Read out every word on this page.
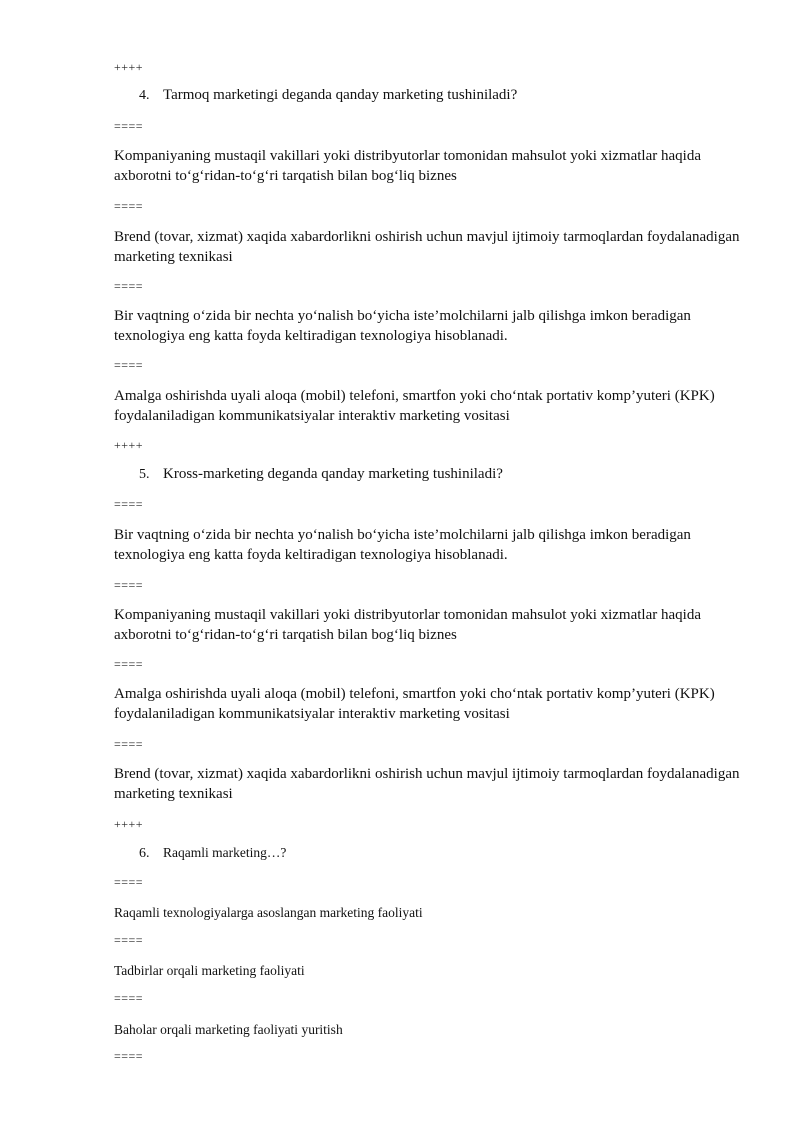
++++
4. Tarmoq marketingi deganda qanday marketing tushiniladi?
====
Kompaniyaning mustaqil vakillari yoki distribyutorlar tomonidan mahsulot yoki xizmatlar haqida axborotni to‘g‘ridan-to‘g‘ri tarqatish bilan bog‘liq biznes
====
Brend (tovar, xizmat) xaqida xabardorlikni oshirish uchun mavjul ijtimoiy tarmoqlardan foydalanadigan marketing texnikasi
====
Bir vaqtning o‘zida bir nechta yo‘nalish bo‘yicha iste’molchilarni jalb qilishga imkon beradigan texnologiya eng katta foyda keltiradigan texnologiya hisoblanadi.
====
Amalga oshirishda uyali aloqa (mobil) telefoni, smartfon yoki cho‘ntak portativ komp’yuteri (KPK) foydalaniladigan kommunikatsiyalar interaktiv marketing vositasi
++++
5. Kross-marketing deganda qanday marketing tushiniladi?
====
Bir vaqtning o‘zida bir nechta yo‘nalish bo‘yicha iste’molchilarni jalb qilishga imkon beradigan texnologiya eng katta foyda keltiradigan texnologiya hisoblanadi.
====
Kompaniyaning mustaqil vakillari yoki distribyutorlar tomonidan mahsulot yoki xizmatlar haqida axborotni to‘g‘ridan-to‘g‘ri tarqatish bilan bog‘liq biznes
====
Amalga oshirishda uyali aloqa (mobil) telefoni, smartfon yoki cho‘ntak portativ komp’yuteri (KPK) foydalaniladigan kommunikatsiyalar interaktiv marketing vositasi
====
Brend (tovar, xizmat) xaqida xabardorlikni oshirish uchun mavjul ijtimoiy tarmoqlardan foydalanadigan marketing texnikasi
++++
6. Raqamli marketing…?
====
Raqamli texnologiyalarga asoslangan marketing faoliyati
====
Tadbirlar orqali marketing faoliyati
====
Baholar orqali marketing faoliyati yuritish
====
